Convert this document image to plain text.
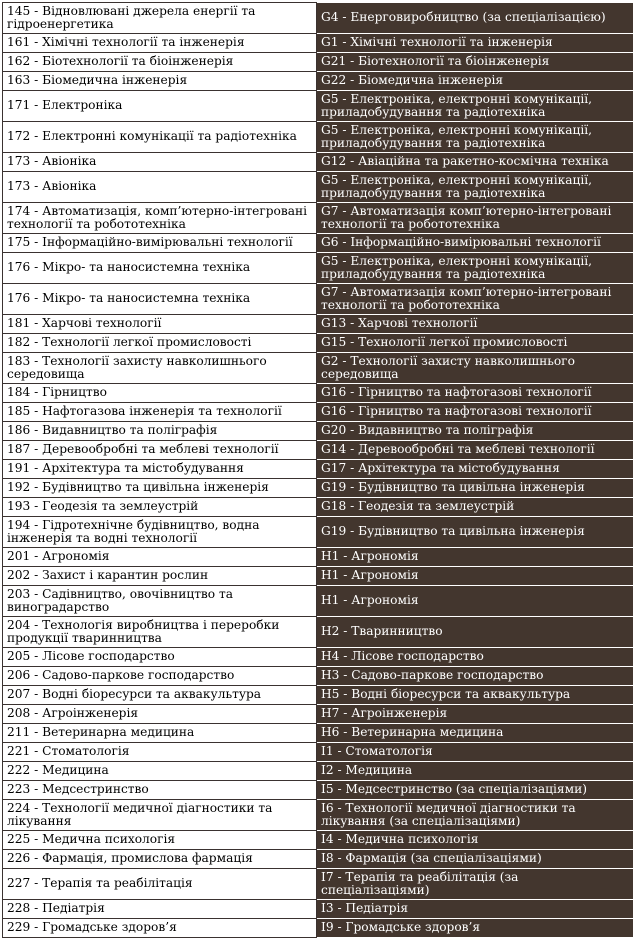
145 - Відновлювані джерела енергії та гідроенергетика	G4 - Енерговиробництво (за спеціалізацією)
161 - Хімічні технології та інженерія	G1 - Хімічні технології та інженерія
162 - Біотехнології та біоінженерія	G21 - Біотехнології та біоінженерія
163 - Біомедична інженерія	G22 - Біомедична інженерія
171 - Електроніка	G5 - Електроніка, електронні комунікації, приладобудування та радіотехніка
172 - Електронні комунікації та радіотехніка	G5 - Електроніка, електронні комунікації, приладобудування та радіотехніка
173 - Авіоніка	G12 - Авіаційна та ракетно-космічна техніка
173 - Авіоніка	G5 - Електроніка, електронні комунікації, приладобудування та радіотехніка
174 - Автоматизація, комп’ютерно-інтегровані технології та робототехніка	G7 - Автоматизація комп’ютерно-інтегровані технології та робототехніка
175 - Інформаційно-вимірювальні технології	G6 - Інформаційно-вимірювальні технології
176 - Мікро- та наносистемна техніка	G5 - Електроніка, електронні комунікації, приладобудування та радіотехніка
176 - Мікро- та наносистемна техніка	G7 - Автоматизація комп’ютерно-інтегровані технології та робототехніка
181 - Харчові технології	G13 - Харчові технології
182 - Технології легкої промисловості	G15 - Технології легкої промисловості
183 - Технології захисту навколишнього середовища	G2 - Технології захисту навколишнього середовища
184 - Гірництво	G16 - Гірництво та нафтогазові технології
185 - Нафтогазова інженерія та технології	G16 - Гірництво та нафтогазові технології
186 - Видавництво та поліграфія	G20 - Видавництво та поліграфія
187 - Деревообробні та меблеві технології	G14 - Деревообробні та меблеві технології
191 - Архітектура та містобудування	G17 - Архітектура та містобудування
192 - Будівництво та цивільна інженерія	G19 - Будівництво та цивільна інженерія
193 - Геодезія та землеустрій	G18 - Геодезія та землеустрій
194 - Гідротехнічне будівництво, водна інженерія та водні технології	G19 - Будівництво та цивільна інженерія
201 - Агрономія	H1 - Агрономія
202 - Захист і карантин рослин	H1 - Агрономія
203 - Садівництво, овочівництво та виноградарство	H1 - Агрономія
204 - Технологія виробництва і переробки продукції тваринництва	H2 - Тваринництво
205 - Лісове господарство	H4 - Лісове господарство
206 - Садово-паркове господарство	H3 - Садово-паркове господарство
207 - Водні біоресурси та аквакультура	H5 - Водні біоресурси та аквакультура
208 - Агроінженерія	H7 - Агроінженерія
211 - Ветеринарна медицина	H6 - Ветеринарна медицина
221 - Стоматологія	I1 - Стоматологія
222 - Медицина	I2 - Медицина
223 - Медсестринство	I5 - Медсестринство (за спеціалізаціями)
224 - Технології медичної діагностики та лікування	I6 - Технології медичної діагностики та лікування (за спеціалізаціями)
225 - Медична психологія	I4 - Медична психологія
226 - Фармація, промислова фармація	I8 - Фармація (за спеціалізаціями)
227 - Терапія та реабілітація	I7 - Терапія та реабілітація (за спеціалізаціями)
228 - Педіатрія	I3 - Педіатрія
229 - Громадське здоров’я	I9 - Громадське здоров’я
